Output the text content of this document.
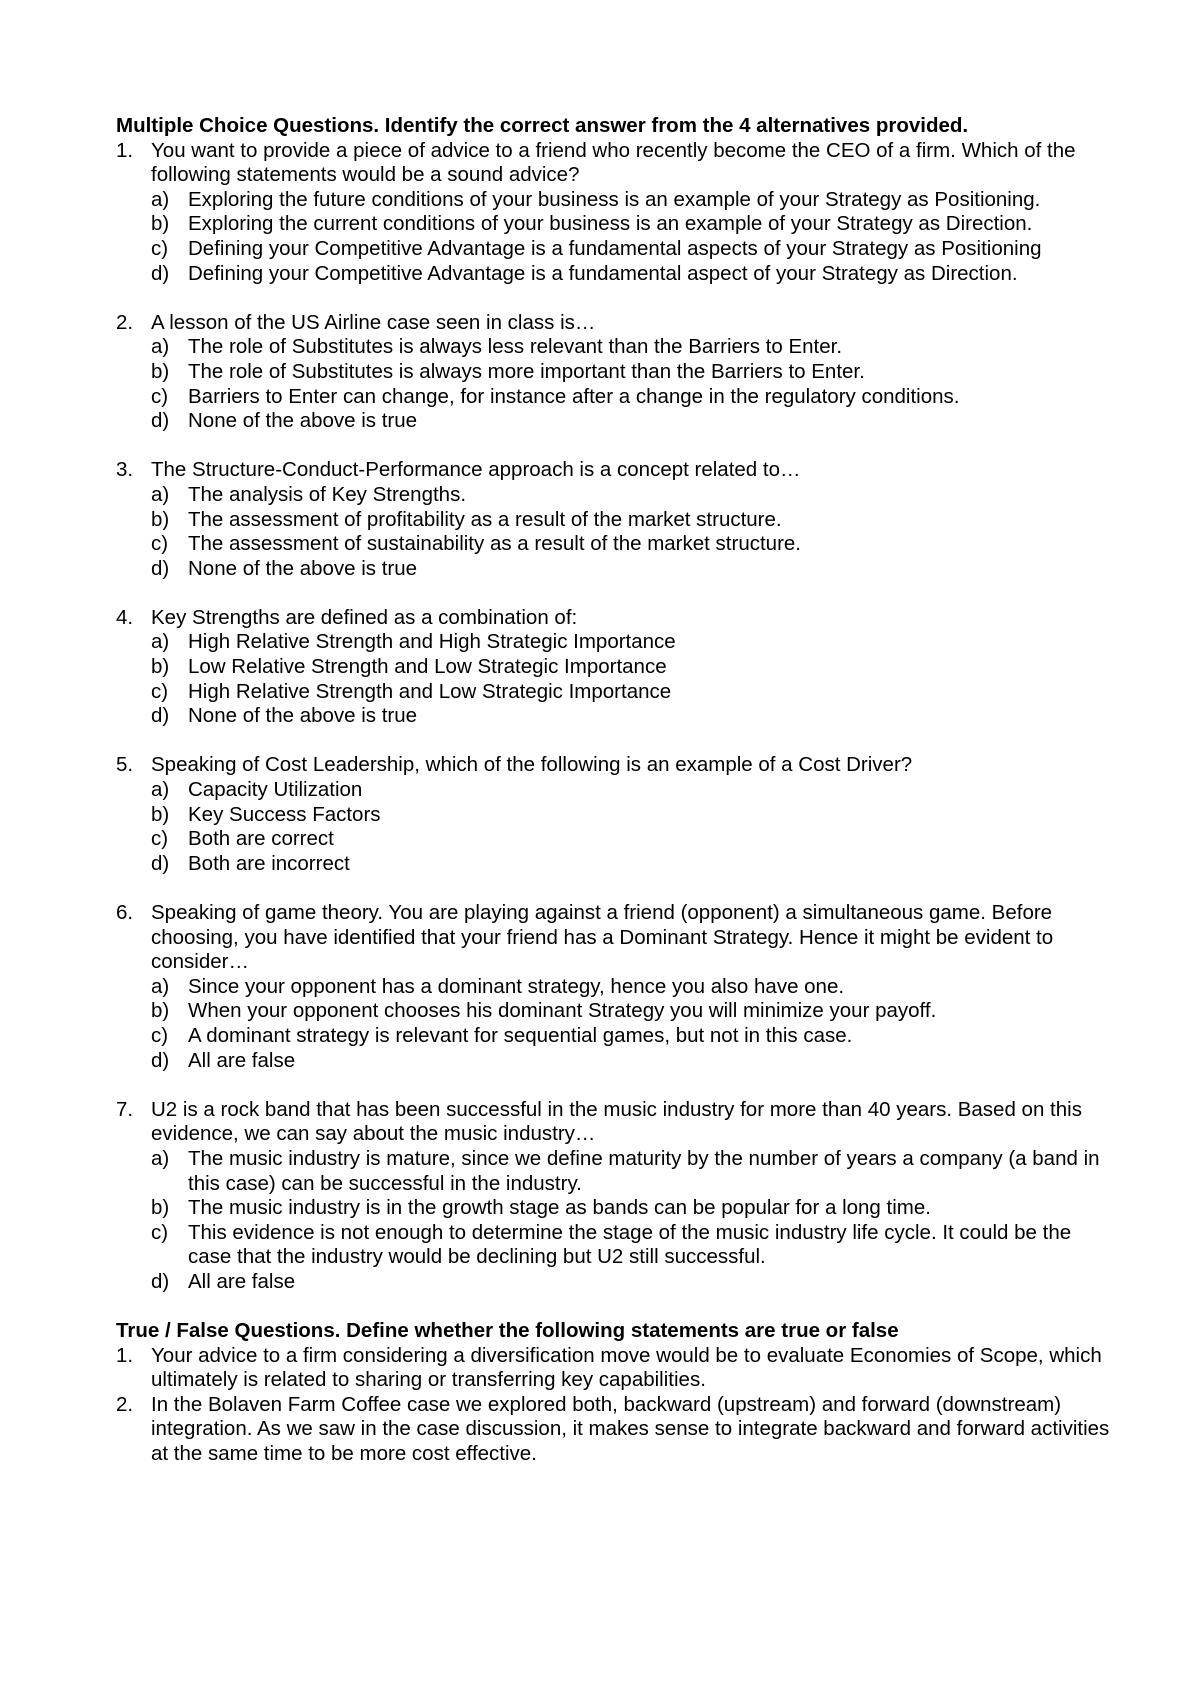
Multiple Choice Questions. Identify the correct answer from the 4 alternatives provided.
1. You want to provide a piece of advice to a friend who recently become the CEO of a firm. Which of the following statements would be a sound advice?
a) Exploring the future conditions of your business is an example of your Strategy as Positioning.
b) Exploring the current conditions of your business is an example of your Strategy as Direction.
c) Defining your Competitive Advantage is a fundamental aspects of your Strategy as Positioning
d) Defining your Competitive Advantage is a fundamental aspect of your Strategy as Direction.
2. A lesson of the US Airline case seen in class is…
a) The role of Substitutes is always less relevant than the Barriers to Enter.
b) The role of Substitutes is always more important than the Barriers to Enter.
c) Barriers to Enter can change, for instance after a change in the regulatory conditions.
d) None of the above is true
3. The Structure-Conduct-Performance approach is a concept related to…
a) The analysis of Key Strengths.
b) The assessment of profitability as a result of the market structure.
c) The assessment of sustainability as a result of the market structure.
d) None of the above is true
4. Key Strengths are defined as a combination of:
a) High Relative Strength and High Strategic Importance
b) Low Relative Strength and Low Strategic Importance
c) High Relative Strength and Low Strategic Importance
d) None of the above is true
5. Speaking of Cost Leadership, which of the following is an example of a Cost Driver?
a) Capacity Utilization
b) Key Success Factors
c) Both are correct
d) Both are incorrect
6. Speaking of game theory. You are playing against a friend (opponent) a simultaneous game. Before choosing, you have identified that your friend has a Dominant Strategy. Hence it might be evident to consider…
a) Since your opponent has a dominant strategy, hence you also have one.
b) When your opponent chooses his dominant Strategy you will minimize your payoff.
c) A dominant strategy is relevant for sequential games, but not in this case.
d) All are false
7. U2 is a rock band that has been successful in the music industry for more than 40 years. Based on this evidence, we can say about the music industry…
a) The music industry is mature, since we define maturity by the number of years a company (a band in this case) can be successful in the industry.
b) The music industry is in the growth stage as bands can be popular for a long time.
c) This evidence is not enough to determine the stage of the music industry life cycle. It could be the case that the industry would be declining but U2 still successful.
d) All are false
True / False Questions. Define whether the following statements are true or false
1. Your advice to a firm considering a diversification move would be to evaluate Economies of Scope, which ultimately is related to sharing or transferring key capabilities.
2. In the Bolaven Farm Coffee case we explored both, backward (upstream) and forward (downstream) integration. As we saw in the case discussion, it makes sense to integrate backward and forward activities at the same time to be more cost effective.
